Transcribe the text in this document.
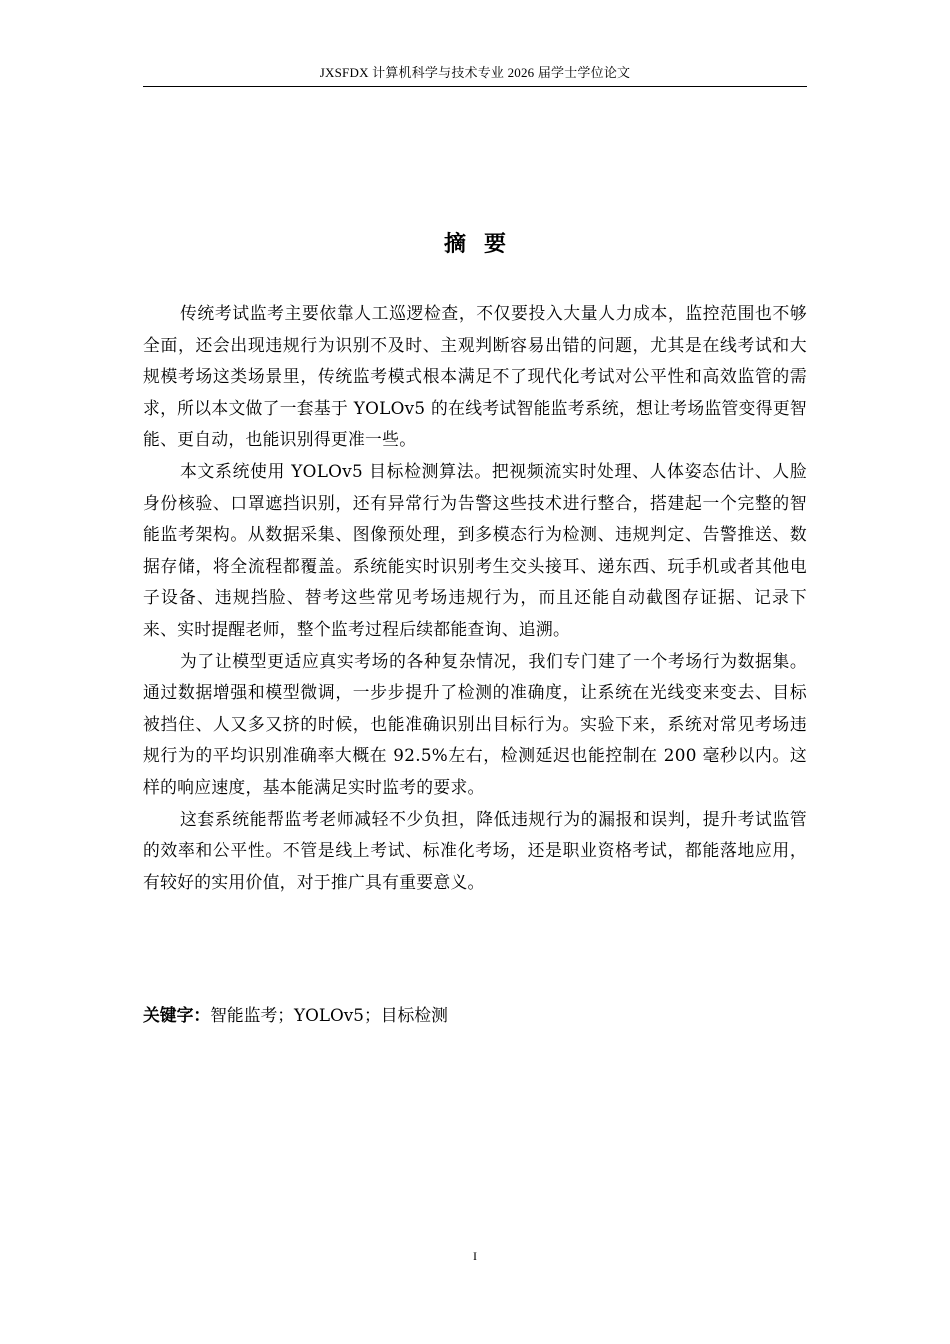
JXSFDX 计算机科学与技术专业 2026 届学士学位论文
摘要

传统考试监考主要依靠人工巡逻检查，不仅要投入大量人力成本，监控范围也不够全面，还会出现违规行为识别不及时、主观判断容易出错的问题，尤其是在线考试和大规模考场这类场景里，传统监考模式根本满足不了现代化考试对公平性和高效监管的需求，所以本文做了一套基于 YOLOv5 的在线考试智能监考系统，想让考场监管变得更智能、更自动，也能识别得更准一些。

本文系统使用 YOLOv5 目标检测算法。把视频流实时处理、人体姿态估计、人脸身份核验、口罩遮挡识别，还有异常行为告警这些技术进行整合，搭建起一个完整的智能监考架构。从数据采集、图像预处理，到多模态行为检测、违规判定、告警推送、数据存储，将全流程都覆盖。系统能实时识别考生交头接耳、递东西、玩手机或者其他电子设备、违规挡脸、替考这些常见考场违规行为，而且还能自动截图存证据、记录下来、实时提醒老师，整个监考过程后续都能查询、追溯。

为了让模型更适应真实考场的各种复杂情况，我们专门建了一个考场行为数据集。通过数据增强和模型微调，一步步提升了检测的准确度，让系统在光线变来变去、目标被挡住、人又多又挤的时候，也能准确识别出目标行为。实验下来，系统对常见考场违规行为的平均识别准确率大概在 92.5%左右，检测延迟也能控制在 200 毫秒以内。这样的响应速度，基本能满足实时监考的要求。

这套系统能帮监考老师减轻不少负担，降低违规行为的漏报和误判，提升考试监管的效率和公平性。不管是线上考试、标准化考场，还是职业资格考试，都能落地应用，有较好的实用价值，对于推广具有重要意义。

关键字：智能监考；YOLOv5；目标检测
I
